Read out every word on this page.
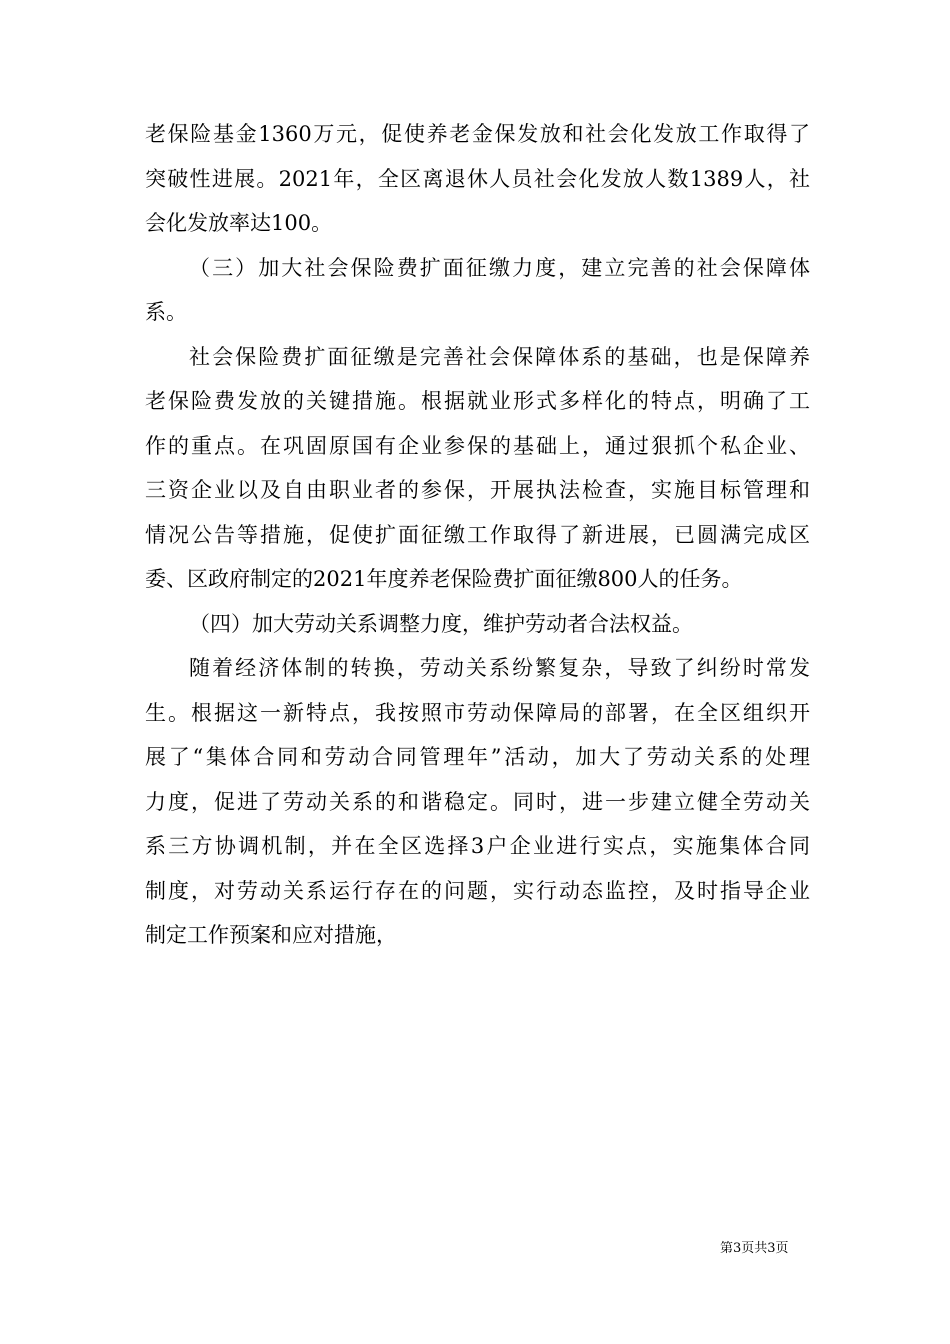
老保险基金1360万元，促使养老金保发放和社会化发放工作取得了
突破性进展。2021年，全区离退休人员社会化发放人数1389人，社
会化发放率达100。
（三）加大社会保险费扩面征缴力度，建立完善的社会保障体
系。
社会保险费扩面征缴是完善社会保障体系的基础，也是保障养
老保险费发放的关键措施。根据就业形式多样化的特点，明确了工
作的重点。在巩固原国有企业参保的基础上，通过狠抓个私企业、
三资企业以及自由职业者的参保，开展执法检查，实施目标管理和
情况公告等措施，促使扩面征缴工作取得了新进展，已圆满完成区
委、区政府制定的2021年度养老保险费扩面征缴800人的任务。
（四）加大劳动关系调整力度，维护劳动者合法权益。
随着经济体制的转换，劳动关系纷繁复杂，导致了纠纷时常发
生。根据这一新特点，我按照市劳动保障局的部署，在全区组织开
展了“集体合同和劳动合同管理年”活动，加大了劳动关系的处理
力度，促进了劳动关系的和谐稳定。同时，进一步建立健全劳动关
系三方协调机制，并在全区选择3户企业进行实点，实施集体合同
制度，对劳动关系运行存在的问题，实行动态监控，及时指导企业
制定工作预案和应对措施，
第3页共3页
